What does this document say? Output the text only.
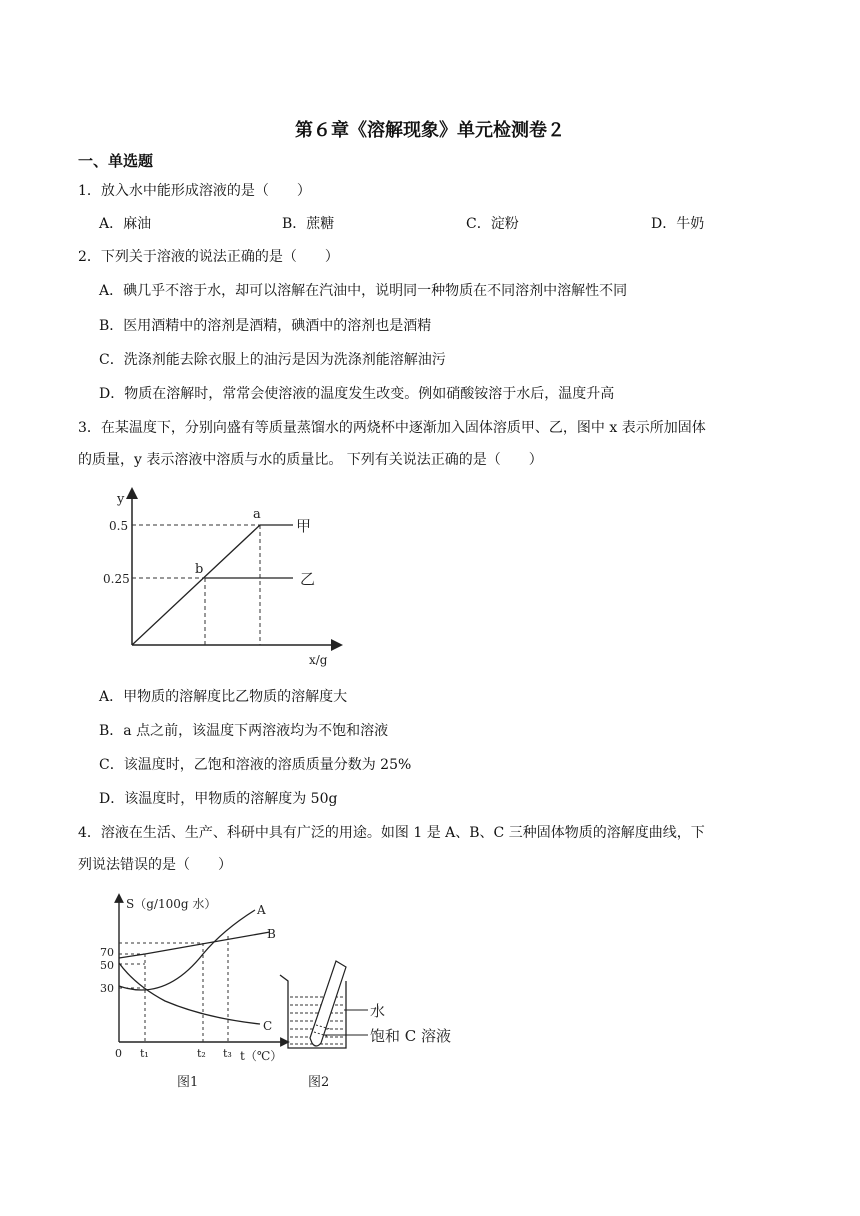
第６章《溶解现象》单元检测卷２
一、单选题
1．放入水中能形成溶液的是（　　）
A．麻油	B．蔗糖	C．淀粉	D．牛奶
2．下列关于溶液的说法正确的是（　　）
A．碘几乎不溶于水，却可以溶解在汽油中，说明同一种物质在不同溶剂中溶解性不同
B．医用酒精中的溶剂是酒精，碘酒中的溶剂也是酒精
C．洗涤剂能去除衣服上的油污是因为洗涤剂能溶解油污
D．物质在溶解时，常常会使溶液的温度发生改变。例如硝酸铵溶于水后，温度升高
3．在某温度下，分别向盛有等质量蒸馏水的两烧杯中逐渐加入固体溶质甲、乙，图中 x 表示所加固体
的质量，y 表示溶液中溶质与水的质量比。 下列有关说法正确的是（　　）
y
x/g
0.5
0.25
a
b
甲
乙
A．甲物质的溶解度比乙物质的溶解度大
B．a 点之前，该温度下两溶液均为不饱和溶液
C．该温度时，乙饱和溶液的溶质质量分数为 25%
D．该温度时，甲物质的溶解度为 50g
4．溶液在生活、生产、科研中具有广泛的用途。如图 1 是 A、B、C 三种固体物质的溶解度曲线，下
列说法错误的是（　　）
S（g/100g 水）
t（℃）
70
50
30
0 t₁	t₂ t₃
A
B
C
图1
水
饱和 C 溶液
图2
